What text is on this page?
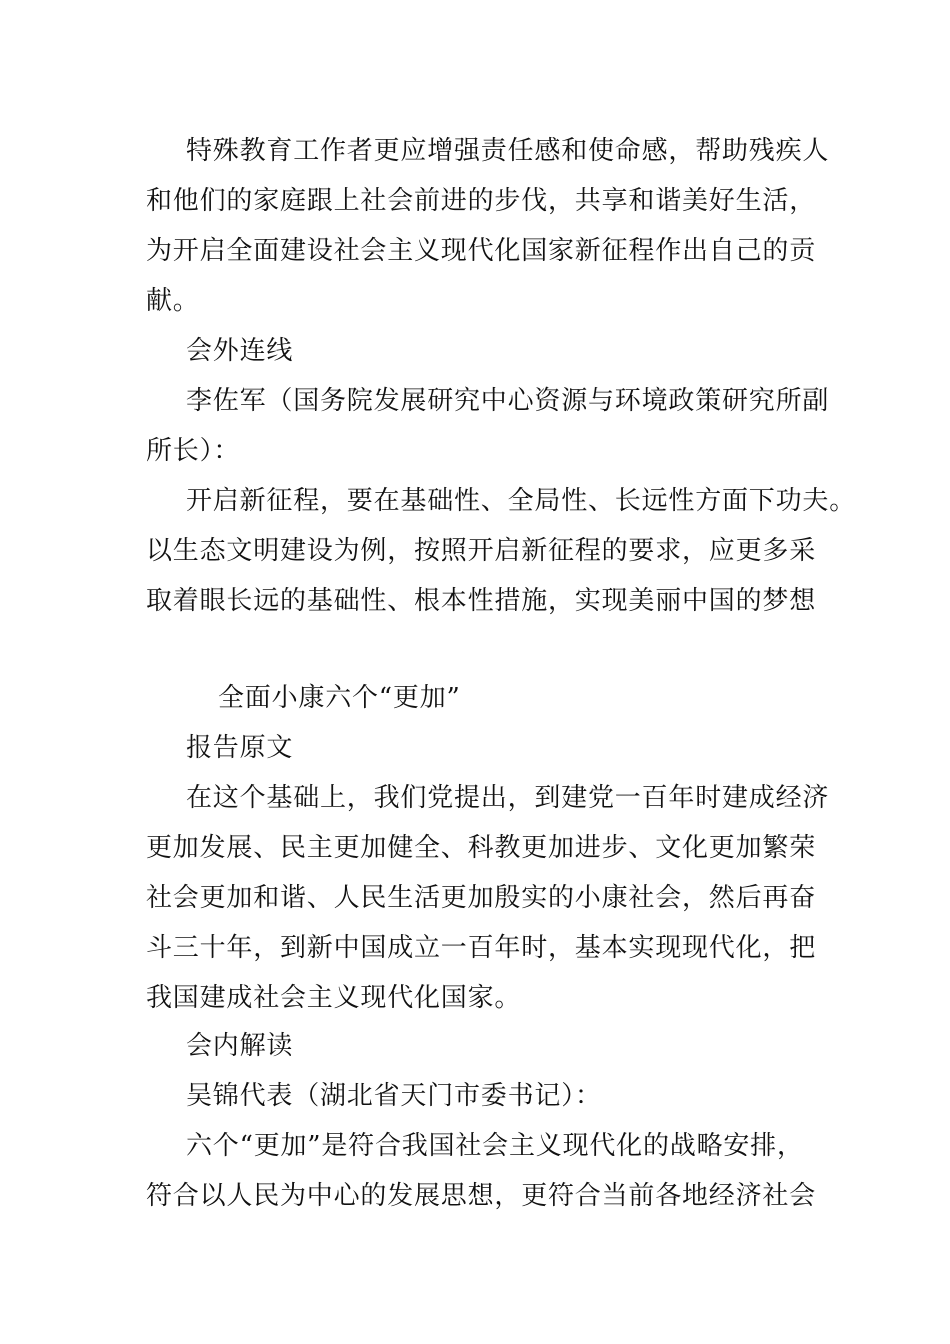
特殊教育工作者更应增强责任感和使命感，帮助残疾人

和他们的家庭跟上社会前进的步伐，共享和谐美好生活，

为开启全面建设社会主义现代化国家新征程作出自己的贡

献。

会外连线

李佐军（国务院发展研究中心资源与环境政策研究所副

所长）：

开启新征程，要在基础性、全局性、长远性方面下功夫。

以生态文明建设为例，按照开启新征程的要求，应更多采

取着眼长远的基础性、根本性措施，实现美丽中国的梦想

全面小康六个“更加”

报告原文

在这个基础上，我们党提出，到建党一百年时建成经济

更加发展、民主更加健全、科教更加进步、文化更加繁荣

社会更加和谐、人民生活更加殷实的小康社会，然后再奋

斗三十年，到新中国成立一百年时，基本实现现代化，把

我国建成社会主义现代化国家。

会内解读

吴锦代表（湖北省天门市委书记）：

六个“更加”是符合我国社会主义现代化的战略安排，

符合以人民为中心的发展思想，更符合当前各地经济社会
